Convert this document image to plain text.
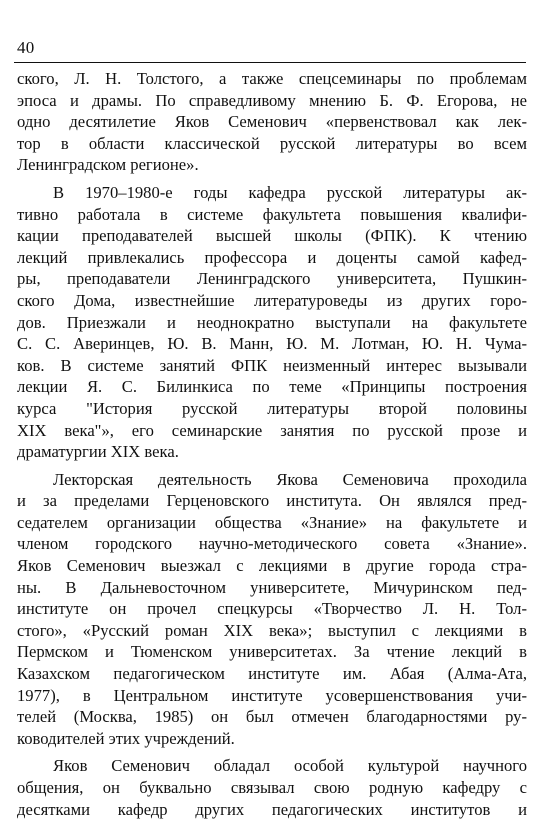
40
ского, Л. Н. Толстого, а также спецсеминары по проблемам
эпоса и драмы. По справедливому мнению Б. Ф. Егорова, не
одно десятилетие Яков Семенович «первенствовал как лек-
тор в области классической русской литературы во всем
Ленинградском регионе».
В 1970–1980-е годы кафедра русской литературы ак-
тивно работала в системе факультета повышения квалифи-
кации преподавателей высшей школы (ФПК). К чтению
лекций привлекались профессора и доценты самой кафед-
ры, преподаватели Ленинградского университета, Пушкин-
ского Дома, известнейшие литературоведы из других горо-
дов. Приезжали и неоднократно выступали на факультете
С. С. Аверинцев, Ю. В. Манн, Ю. М. Лотман, Ю. Н. Чума-
ков. В системе занятий ФПК неизменный интерес вызывали
лекции Я. С. Билинкиса по теме «Принципы построения
курса "История русской литературы второй половины
XIX века"», его семинарские занятия по русской прозе и
драматургии XIX века.
Лекторская деятельность Якова Семеновича проходила
и за пределами Герценовского института. Он являлся пред-
седателем организации общества «Знание» на факультете и
членом городского научно-методического совета «Знание».
Яков Семенович выезжал с лекциями в другие города стра-
ны. В Дальневосточном университете, Мичуринском пед-
институте он прочел спецкурсы «Творчество Л. Н. Тол-
стого», «Русский роман XIX века»; выступил с лекциями в
Пермском и Тюменском университетах. За чтение лекций в
Казахском педагогическом институте им. Абая (Алма-Ата,
1977), в Центральном институте усовершенствования учи-
телей (Москва, 1985) он был отмечен благодарностями ру-
ководителей этих учреждений.
Яков Семенович обладал особой культурой научного
общения, он буквально связывал свою родную кафедру с
десятками кафедр других педагогических институтов и
